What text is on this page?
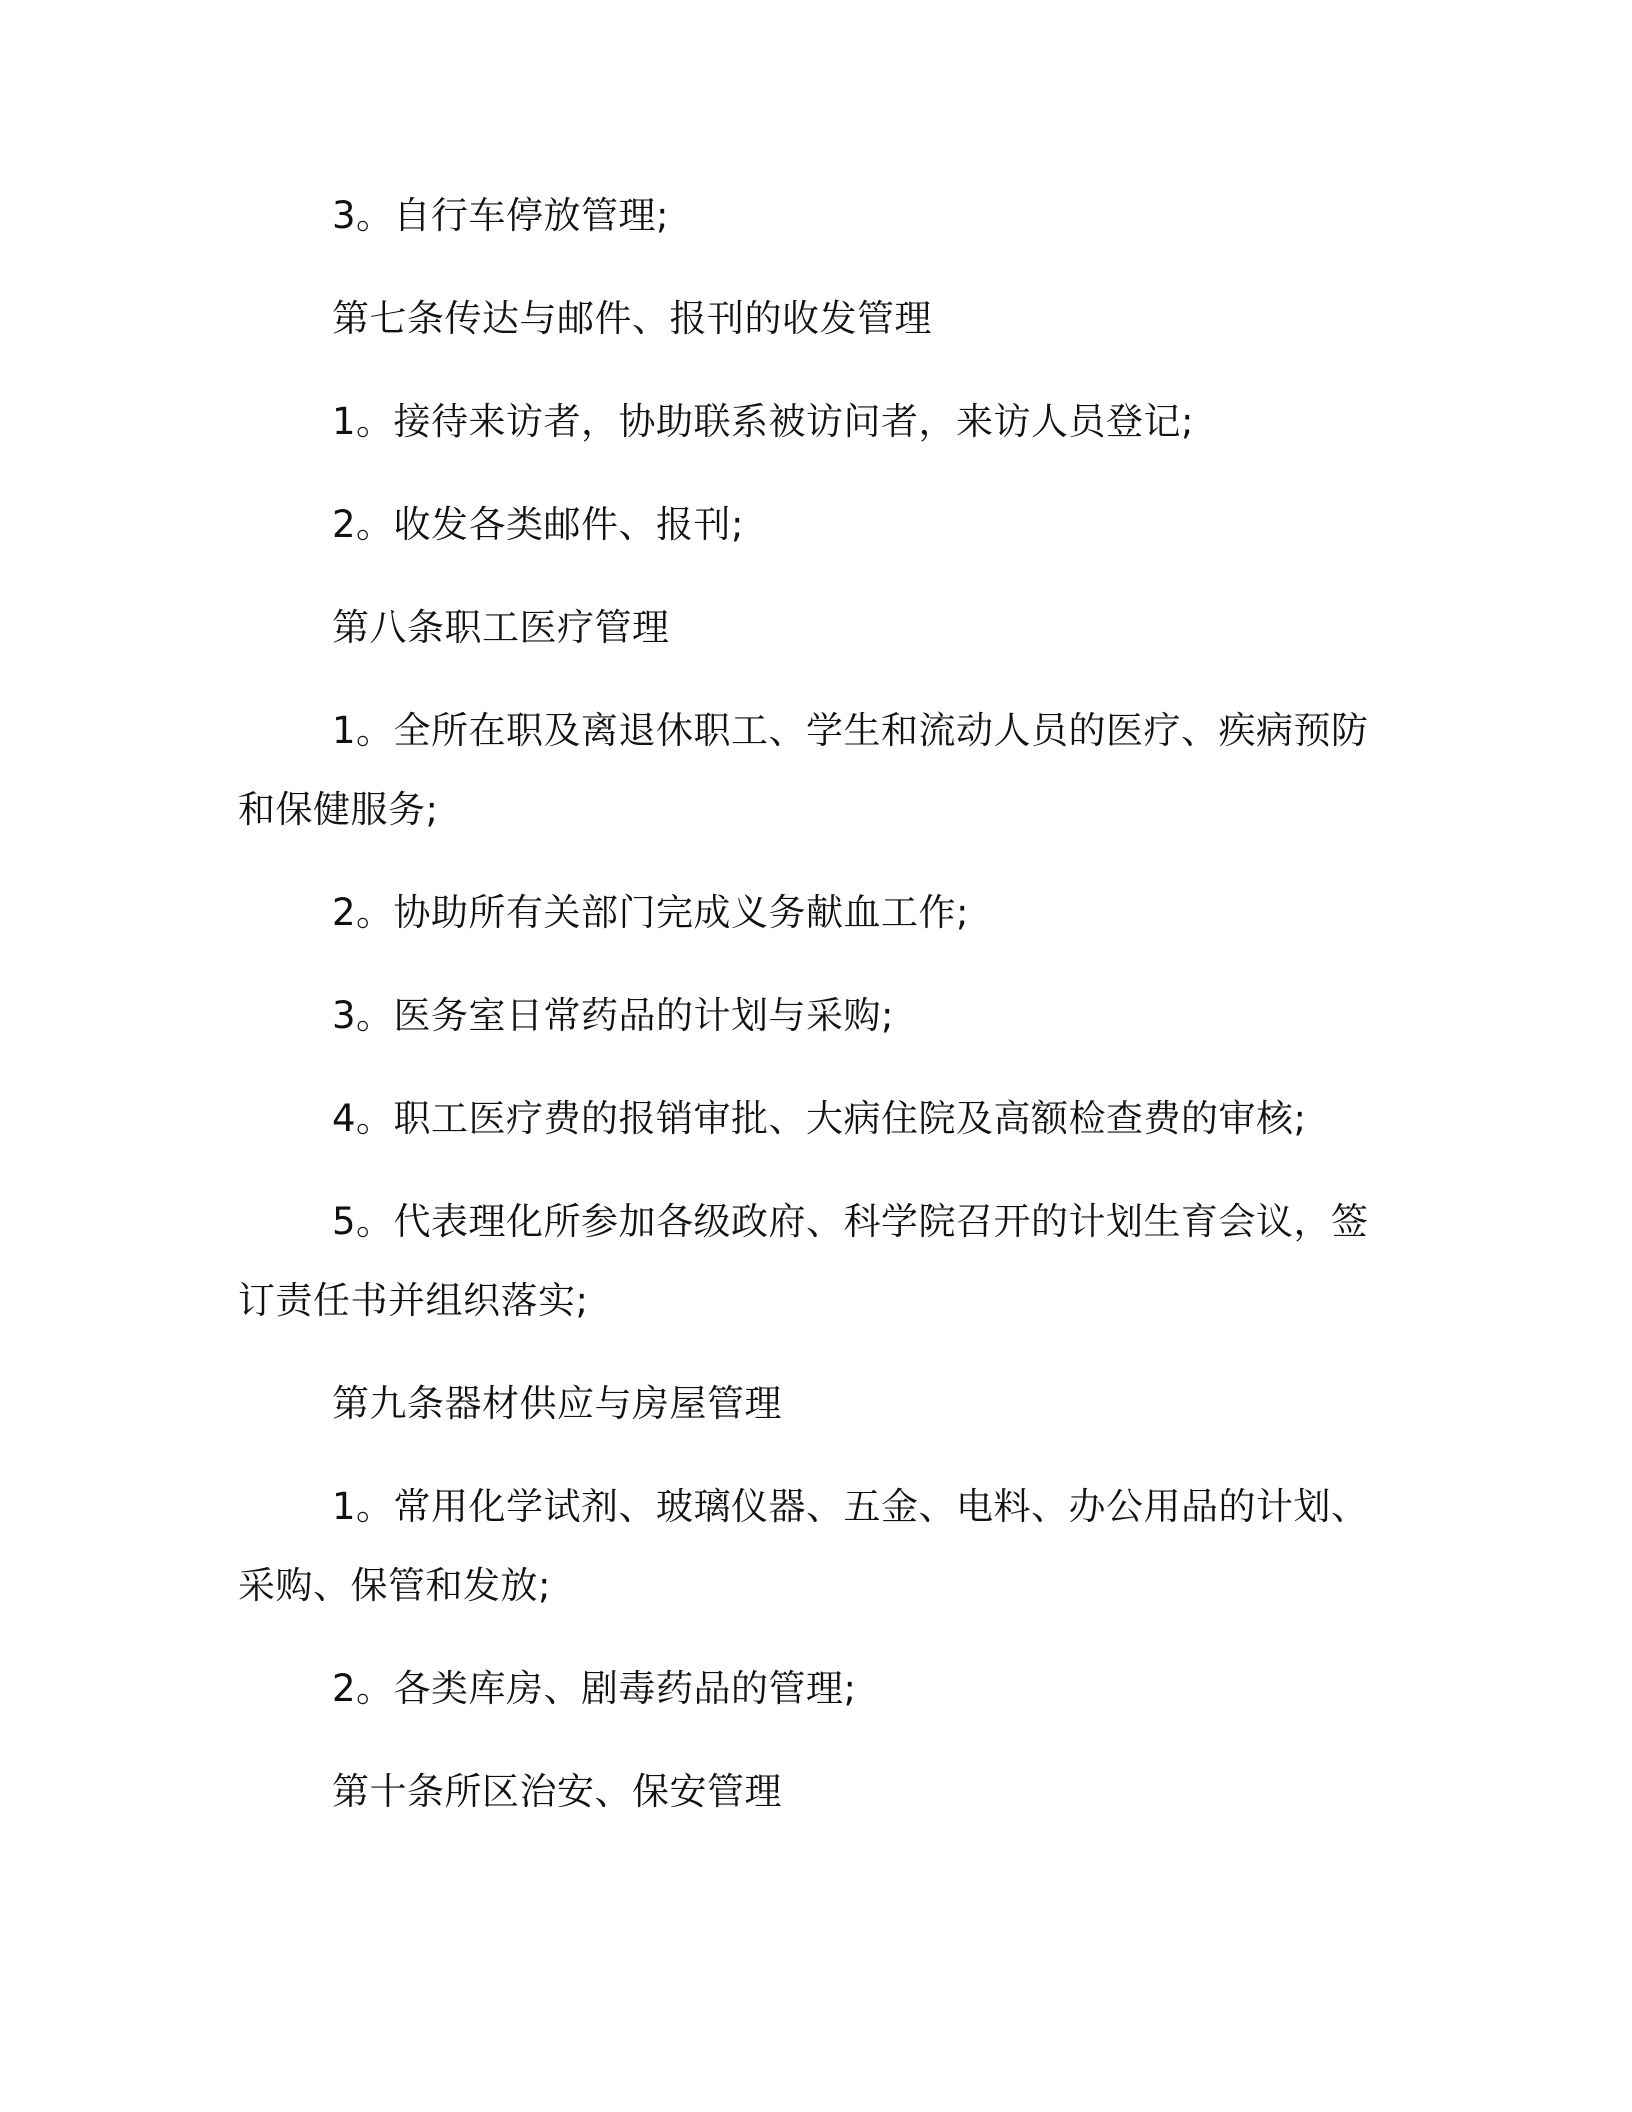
3。自行车停放管理;
第七条传达与邮件、报刊的收发管理
1。接待来访者，协助联系被访问者，来访人员登记;
2。收发各类邮件、报刊;
第八条职工医疗管理
1。全所在职及离退休职工、学生和流动人员的医疗、疾病预防
和保健服务;
2。协助所有关部门完成义务献血工作;
3。医务室日常药品的计划与采购;
4。职工医疗费的报销审批、大病住院及高额检查费的审核;
5。代表理化所参加各级政府、科学院召开的计划生育会议，签
订责任书并组织落实;
第九条器材供应与房屋管理
1。常用化学试剂、玻璃仪器、五金、电料、办公用品的计划、
采购、保管和发放;
2。各类库房、剧毒药品的管理;
第十条所区治安、保安管理
